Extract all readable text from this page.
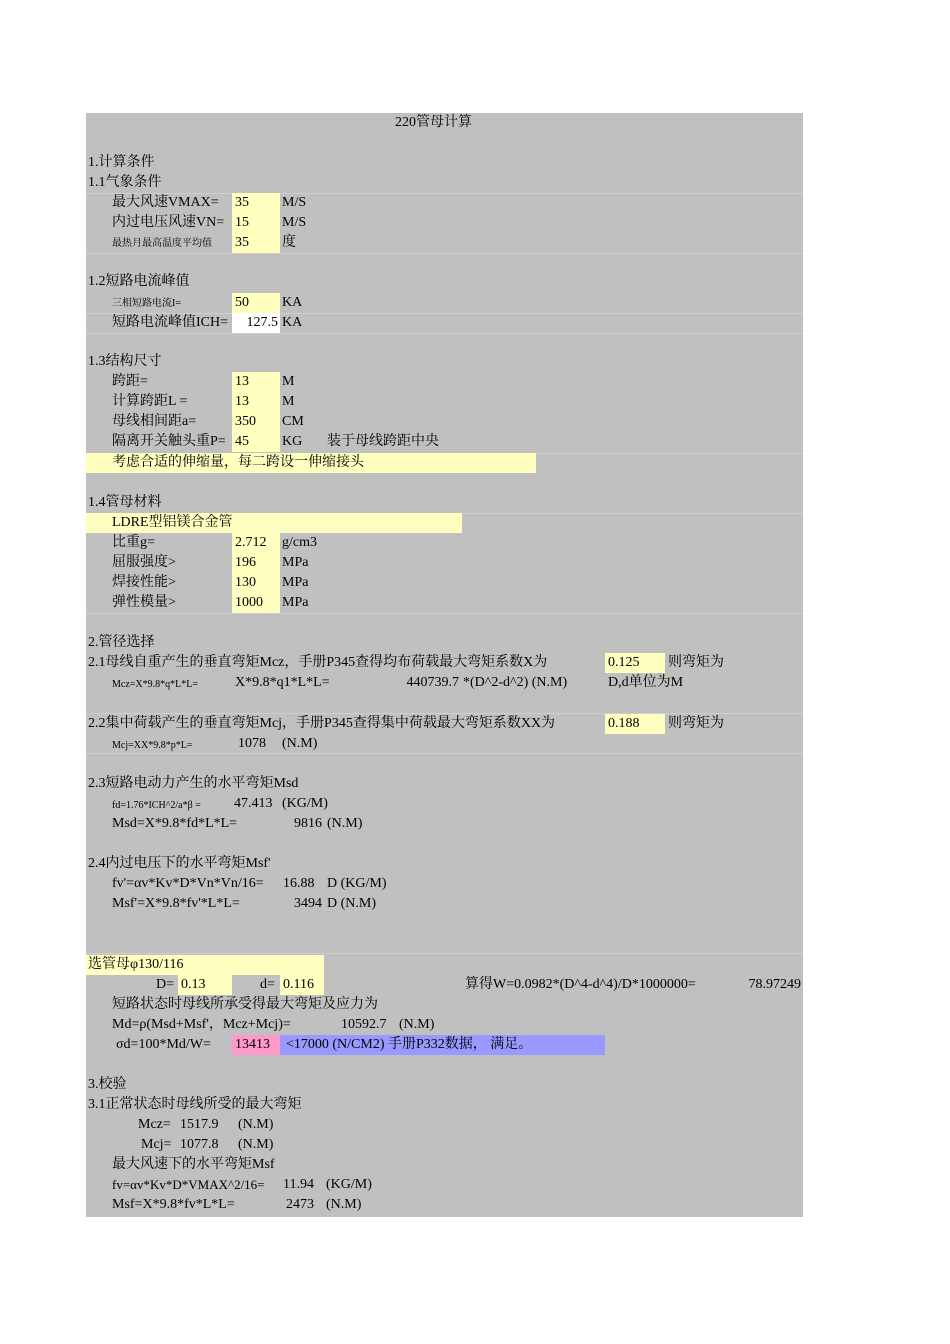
220管母计算
1.计算条件
1.1气象条件
最大风速VMAX= 35 M/S
内过电压风速VN= 15 M/S
最热月最高温度平均值 35 度
1.2短路电流峰值
三相短路电流I=	50 KA
短路电流峰值ICH=	127.5 KA
1.3结构尺寸
跨距=	13 M
计算跨距L =	13 M
母线相间距a=	350 CM
隔离开关触头重P= 45 KG 装于母线跨距中央
考虑合适的伸缩量，每二跨设一伸缩接头
1.4管母材料
LDRE型铝镁合金管
比重g=	2.712 g/cm3
屈服强度>	196 MPa
焊接性能>	130 MPa
弹性模量>	1000 MPa
2.管径选择
2.1母线自重产生的垂直弯矩Mcz，手册P345查得均布荷载最大弯矩系数X为	0.125 则弯矩为
Mcz=X*9.8*q*L*L=	X*9.8*q1*L*L=	440739.7 *(D^2-d^2) (N.M)	D,d单位为M
2.2集中荷载产生的垂直弯矩Mcj，手册P345查得集中荷载最大弯矩系数XX为	0.188 则弯矩为
Mcj=XX*9.8*p*L=	1078 (N.M)
2.3短路电动力产生的水平弯矩Msd
fd=1.76*ICH^2/a*β = 47.413 (KG/M)
Msd=X*9.8*fd*L*L=	9816 (N.M)
2.4内过电压下的水平弯矩Msf'
fv'=αv*Kv*D*Vn*Vn/16=	16.88 D (KG/M)
Msf'=X*9.8*fv'*L*L=	3494 D (N.M)
选管母φ130/116
D= 0.13	d= 0.116	算得W=0.0982*(D^4-d^4)/D*1000000=	78.97249
短路状态时母线所承受得最大弯矩及应力为
Md=ρ(Msd+Msf'，Mcz+Mcj)=	10592.7 (N.M)
σd=100*Md/W= 13413 <17000 (N/CM2) 手册P332数据， 满足。
3.校验
3.1正常状态时母线所受的最大弯矩
Mcz= 1517.9 (N.M)
Mcj= 1077.8 (N.M)
最大风速下的水平弯矩Msf
fv=αv*Kv*D*VMAX^2/16=	11.94 (KG/M)
Msf=X*9.8*fv*L*L=	2473 (N.M)
